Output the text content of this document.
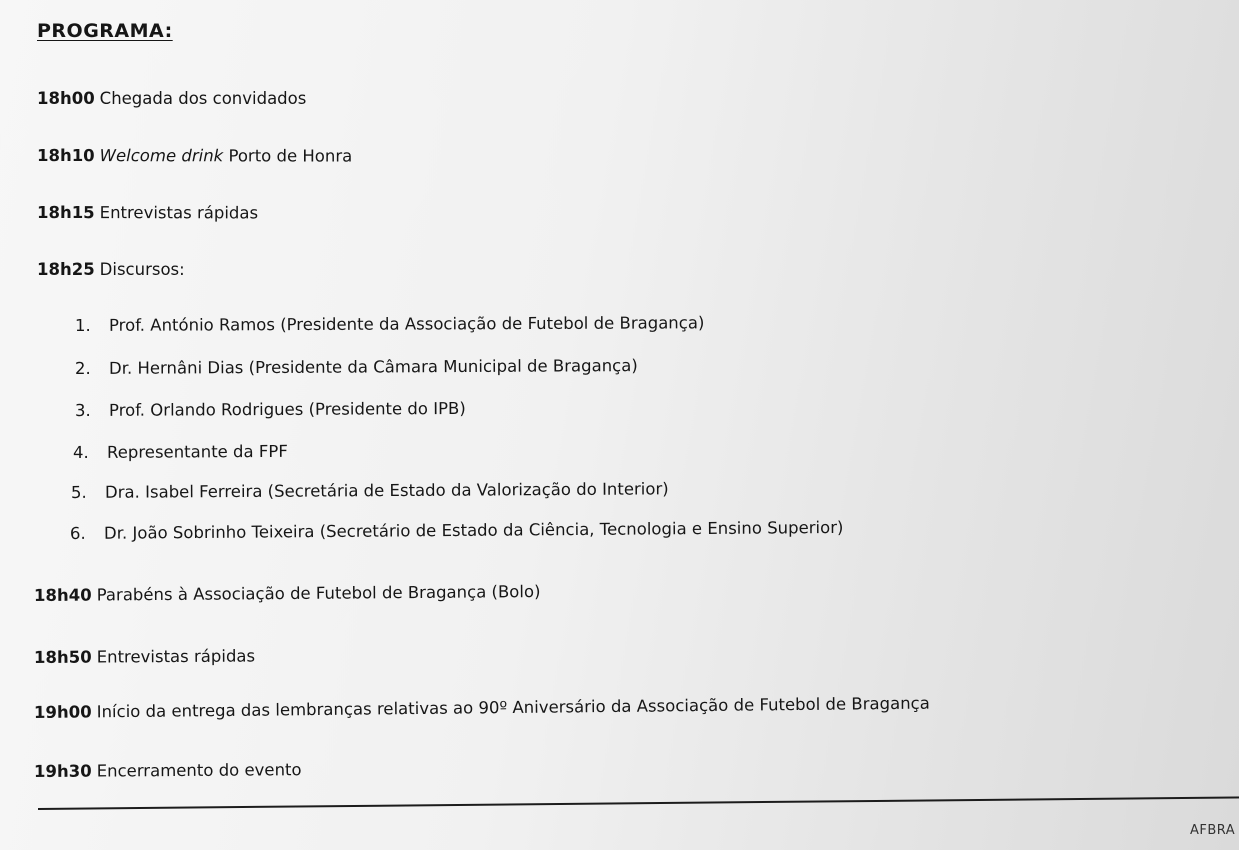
PROGRAMA:
18h00 Chegada dos convidados
18h10 Welcome drink Porto de Honra
18h15 Entrevistas rápidas
18h25 Discursos:
1. Prof. António Ramos (Presidente da Associação de Futebol de Bragança)
2. Dr. Hernâni Dias (Presidente da Câmara Municipal de Bragança)
3. Prof. Orlando Rodrigues (Presidente do IPB)
4. Representante da FPF
5. Dra. Isabel Ferreira (Secretária de Estado da Valorização do Interior)
6. Dr. João Sobrinho Teixeira (Secretário de Estado da Ciência, Tecnologia e Ensino Superior)
18h40 Parabéns à Associação de Futebol de Bragança (Bolo)
18h50 Entrevistas rápidas
19h00 Início da entrega das lembranças relativas ao 90º Aniversário da Associação de Futebol de Bragança
19h30 Encerramento do evento
AFBRA
